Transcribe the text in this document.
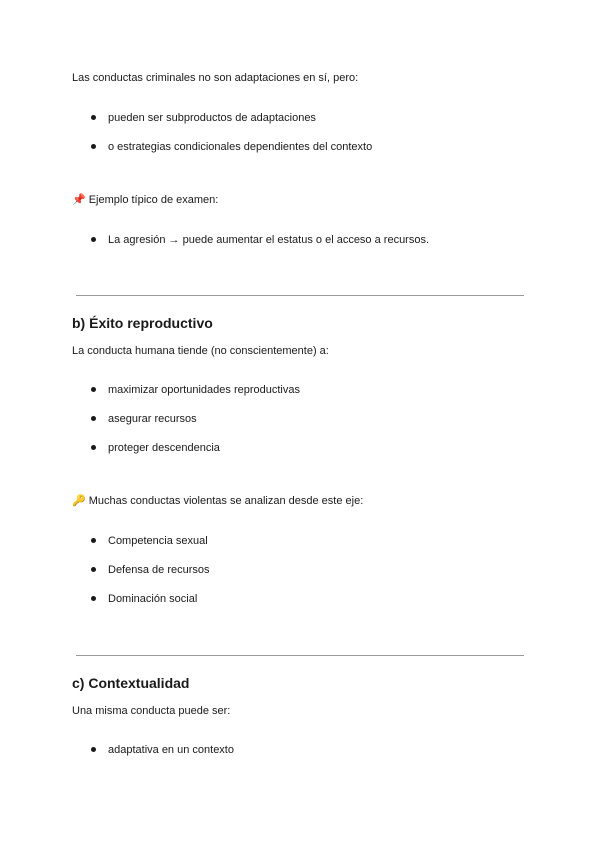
Las conductas criminales no son adaptaciones en sí, pero:
pueden ser subproductos de adaptaciones
o estrategias condicionales dependientes del contexto
📌 Ejemplo típico de examen:
La agresión → puede aumentar el estatus o el acceso a recursos.
b) Éxito reproductivo
La conducta humana tiende (no conscientemente) a:
maximizar oportunidades reproductivas
asegurar recursos
proteger descendencia
🔑 Muchas conductas violentas se analizan desde este eje:
Competencia sexual
Defensa de recursos
Dominación social
c) Contextualidad
Una misma conducta puede ser:
adaptativa en un contexto
